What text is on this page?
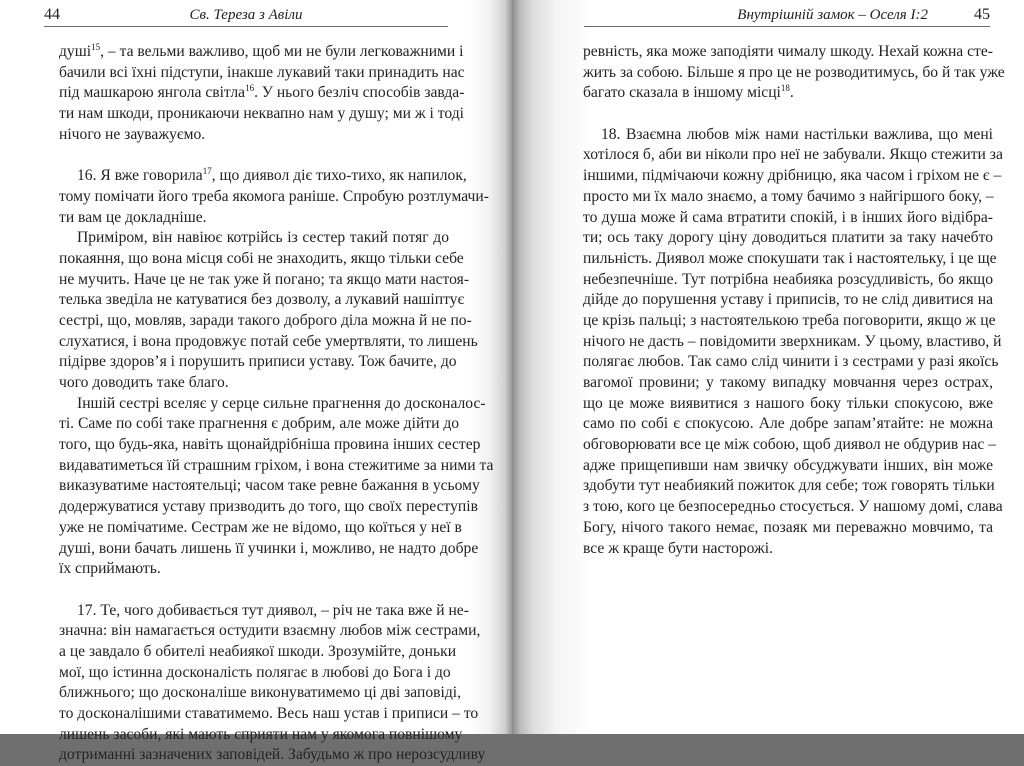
44	Св. Тереза з Авіли
душі$^{15}$, – та вельми важливо, щоб ми не були легковажними і
бачили всі їхні підступи, інакше лукавий таки принадить нас
під машкарою янгола світла$^{16}$. У нього безліч способів завда-
ти нам шкоди, проникаючи неквапно нам у душу; ми ж і тоді
нічого не зауважуємо.
16. Я вже говорила$^{17}$, що диявол діє тихо-тихо, як напилок,
тому помічати його треба якомога раніше. Спробую розтлумачи-
ти вам це докладніше.
Приміром, він навіює котрійсь із сестер такий потяг до
покаяння, що вона місця собі не знаходить, якщо тільки себе
не мучить. Наче це не так уже й погано; та якщо мати настоя-
телька зведіла не катуватися без дозволу, а лукавий нашіптує
сестрі, що, мовляв, заради такого доброго діла можна й не по-
слухатися, і вона продовжує потай себе умертвляти, то лишень
підірве здоров’я і порушить приписи уставу. Тож бачите, до
чого доводить таке благо.
Іншій сестрі вселяє у серце сильне прагнення до досконалос-
ті. Саме по собі таке прагнення є добрим, але може дійти до
того, що будь-яка, навіть щонайдрібніша провина інших сестер
видаватиметься їй страшним гріхом, і вона стежитиме за ними та
виказуватиме настоятельці; часом таке ревне бажання в усьому
додержуватися уставу призводить до того, що своїх переступів
уже не помічатиме. Сестрам же не відомо, що коїться у неї в
душі, вони бачать лишень її учинки і, можливо, не надто добре
їх сприймають.
17. Те, чого добивається тут диявол, – річ не така вже й не-
значна: він намагається остудити взаємну любов між сестрами,
а це завдало б обителі неабиякої шкоди. Зрозумійте, доньки
мої, що істинна досконалість полягає в любові до Бога і до
ближнього; що досконаліше виконуватимемо ці дві заповіді,
то досконалішими ставатимемо. Весь наш устав і приписи – то
лишень засоби, які мають сприяти нам у якомога повнішому
дотриманні зазначених заповідей. Забудьмо ж про нерозсудливу
Внутрішній замок – Оселя І:2	45
ревність, яка може заподіяти чималу шкоду. Нехай кожна сте-
жить за собою. Більше я про це не розводитимусь, бо й так уже
багато сказала в іншому місці$^{18}$.
18. Взаємна любов між нами настільки важлива, що мені
хотілося б, аби ви ніколи про неї не забували. Якщо стежити за
іншими, підмічаючи кожну дрібницю, яка часом і гріхом не є –
просто ми їх мало знаємо, а тому бачимо з найгіршого боку, –
то душа може й сама втратити спокій, і в інших його відібра-
ти; ось таку дорогу ціну доводиться платити за таку начебто
пильність. Диявол може спокушати так і настоятельку, і це ще
небезпечніше. Тут потрібна неабияка розсудливість, бо якщо
дійде до порушення уставу і приписів, то не слід дивитися на
це крізь пальці; з настоятелькою треба поговорити, якщо ж це
нічого не дасть – повідомити зверхникам. У цьому, властиво, й
полягає любов. Так само слід чинити і з сестрами у разі якоїсь
вагомої провини; у такому випадку мовчання через острах,
що це може виявитися з нашого боку тільки спокусою, вже
само по собі є спокусою. Але добре запам’ятайте: не можна
обговорювати все це між собою, щоб диявол не обдурив нас –
адже прищепивши нам звичку обсуджувати інших, він може
здобути тут неабиякий пожиток для себе; тож говорять тільки
з тою, кого це безпосередньо стосується. У нашому домі, слава
Богу, нічого такого немає, позаяк ми переважно мовчимо, та
все ж краще бути насторожі.
